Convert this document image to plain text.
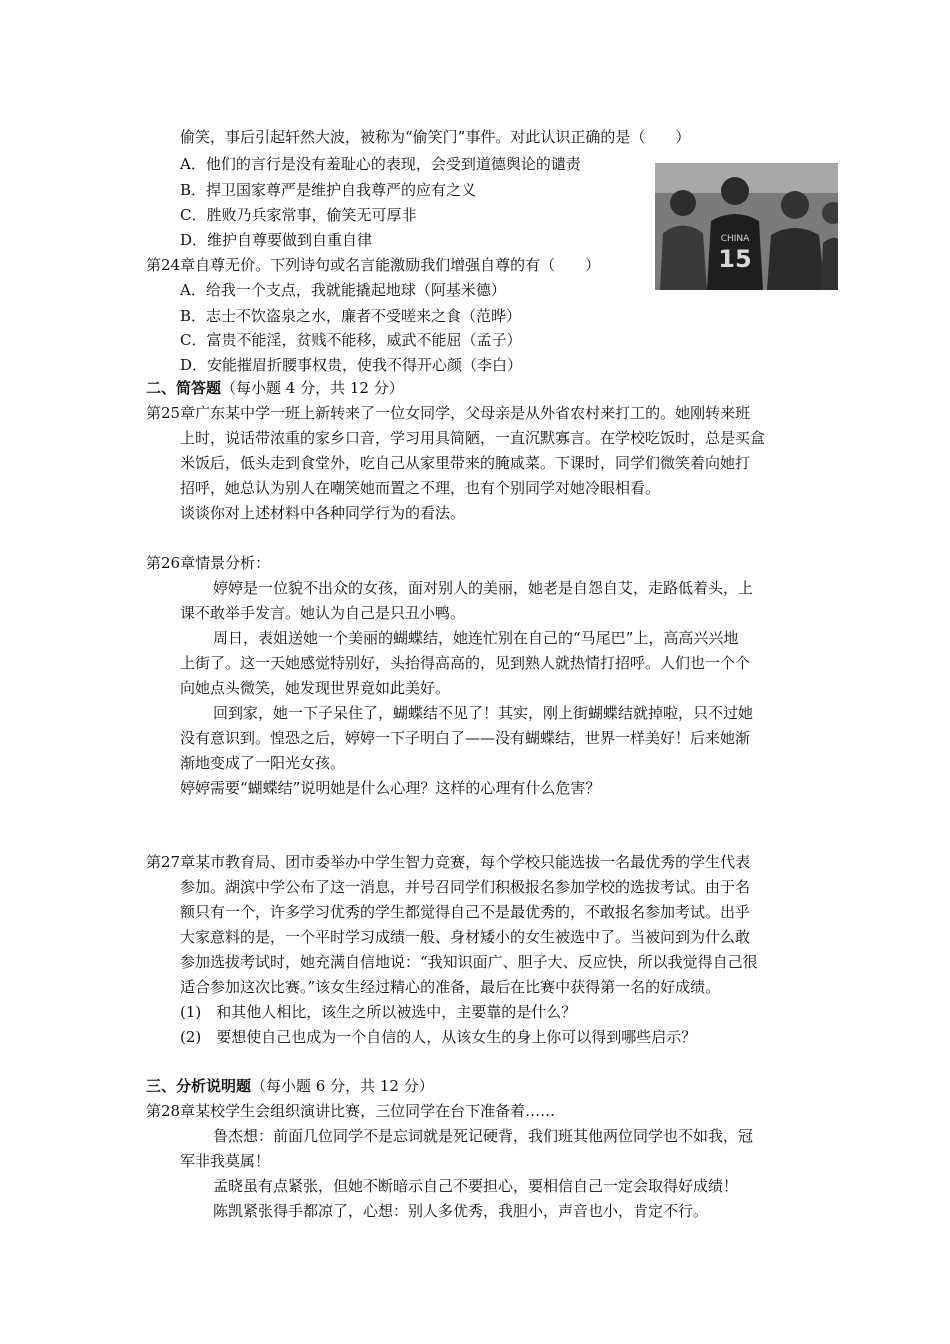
偷笑，事后引起轩然大波，被称为“偷笑门”事件。对此认识正确的是（　　）
A．他们的言行是没有羞耻心的表现，会受到道德舆论的谴责
B．捍卫国家尊严是维护自我尊严的应有之义
C．胜败乃兵家常事，偷笑无可厚非
D．维护自尊要做到自重自律	CHINA
15
第24章自尊无价。下列诗句或名言能激励我们增强自尊的有（　　）
A．给我一个支点，我就能撬起地球（阿基米德）
B．志士不饮盗泉之水，廉者不受嗟来之食（范晔）
C．富贵不能淫，贫贱不能移，威武不能屈（孟子）
D．安能摧眉折腰事权贵，使我不得开心颜（李白）
二、简答题（每小题 4 分，共 12 分）
第25章广东某中学一班上新转来了一位女同学，父母亲是从外省农村来打工的。她刚转来班
上时，说话带浓重的家乡口音，学习用具简陋，一直沉默寡言。在学校吃饭时，总是买盒
米饭后，低头走到食堂外，吃自己从家里带来的腌咸菜。下课时，同学们微笑着向她打
招呼，她总认为别人在嘲笑她而置之不理，也有个别同学对她冷眼相看。
谈谈你对上述材料中各种同学行为的看法。
第26章情景分析：
婷婷是一位貌不出众的女孩，面对别人的美丽，她老是自怨自艾，走路低着头，上
课不敢举手发言。她认为自己是只丑小鸭。
周日，表姐送她一个美丽的蝴蝶结，她连忙别在自己的“马尾巴”上，高高兴兴地
上街了。这一天她感觉特别好，头抬得高高的，见到熟人就热情打招呼。人们也一个个
向她点头微笑，她发现世界竟如此美好。
回到家，她一下子呆住了，蝴蝶结不见了！其实，刚上街蝴蝶结就掉啦，只不过她
没有意识到。惶恐之后，婷婷一下子明白了——没有蝴蝶结，世界一样美好！后来她渐
渐地变成了一阳光女孩。
婷婷需要“蝴蝶结”说明她是什么心理？这样的心理有什么危害？
第27章某市教育局、团市委举办中学生智力竞赛，每个学校只能选拔一名最优秀的学生代表
参加。湖滨中学公布了这一消息，并号召同学们积极报名参加学校的选拔考试。由于名
额只有一个，许多学习优秀的学生都觉得自己不是最优秀的，不敢报名参加考试。出乎
大家意料的是，一个平时学习成绩一般、身材矮小的女生被选中了。当被问到为什么敢
参加选拔考试时，她充满自信地说：“我知识面广、胆子大、反应快，所以我觉得自己很
适合参加这次比赛。”该女生经过精心的准备，最后在比赛中获得第一名的好成绩。
(1)　和其他人相比，该生之所以被选中，主要靠的是什么？
(2)　要想使自己也成为一个自信的人，从该女生的身上你可以得到哪些启示？
三、分析说明题（每小题 6 分，共 12 分）
第28章某校学生会组织演讲比赛，三位同学在台下准备着……
鲁杰想：前面几位同学不是忘词就是死记硬背，我们班其他两位同学也不如我，冠
军非我莫属！
孟晓虽有点紧张，但她不断暗示自己不要担心，要相信自己一定会取得好成绩！
陈凯紧张得手都凉了，心想：别人多优秀，我胆小，声音也小，肯定不行。
